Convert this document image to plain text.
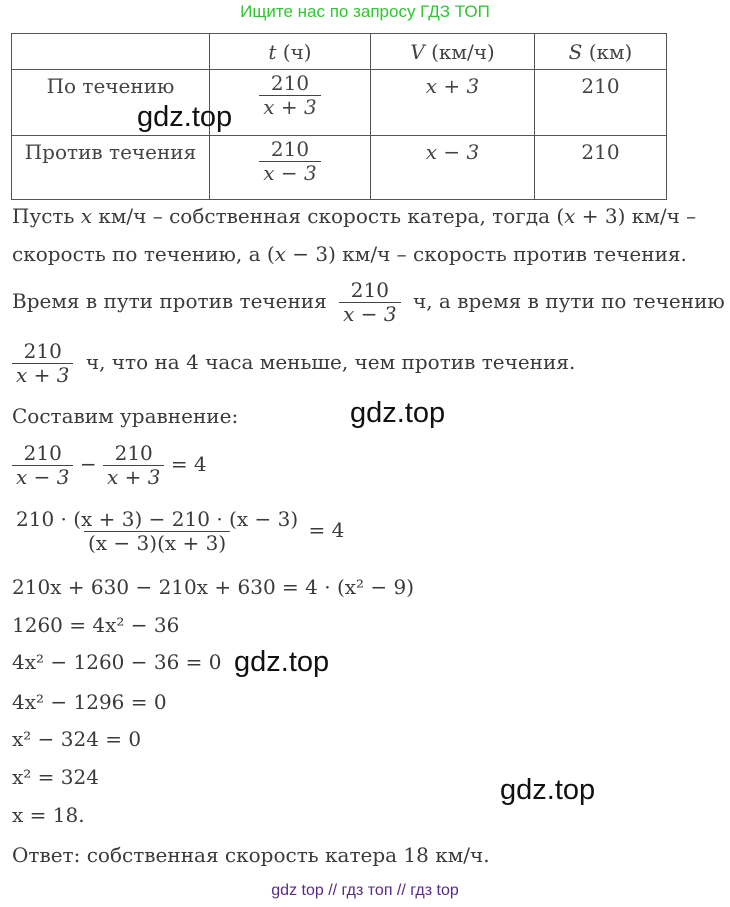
Ищите нас по запросу ГДЗ ТОП
	t (ч)	V (км/ч)	S (км)

По течению	$\frac{210}{x + 3}$	x + 3	210

Против течения	$\frac{210}{x - 3}$	x − 3	210
Пусть x км/ч – собственная скорость катера, тогда (x + 3) км/ч –
скорость по течению, а (x − 3) км/ч – скорость против течения.
Время в пути против течения $\frac{210}{x - 3} ч$, а время в пути по течению
$\frac{210}{x + 3} ч$, что на 4 часа меньше, чем против течения.
Составим уравнение:
$\frac{210}{x - 3} - \frac{210}{x + 3} = 4$
$\frac{210 \cdot (x + 3) - 210 \cdot (x - 3)}{(x - 3)(x + 3)} = 4$
210x + 630 − 210x + 630 = 4 · (x² − 9)
1260 = 4x² − 36
4x² − 1260 − 36 = 0
4x² − 1296 = 0
x² − 324 = 0
x² = 324
x = 18.
Ответ: собственная скорость катера 18 км/ч.
gdz.top
gdz.top
gdz.top
gdz.top
gdz top // гдз топ // гдз top
